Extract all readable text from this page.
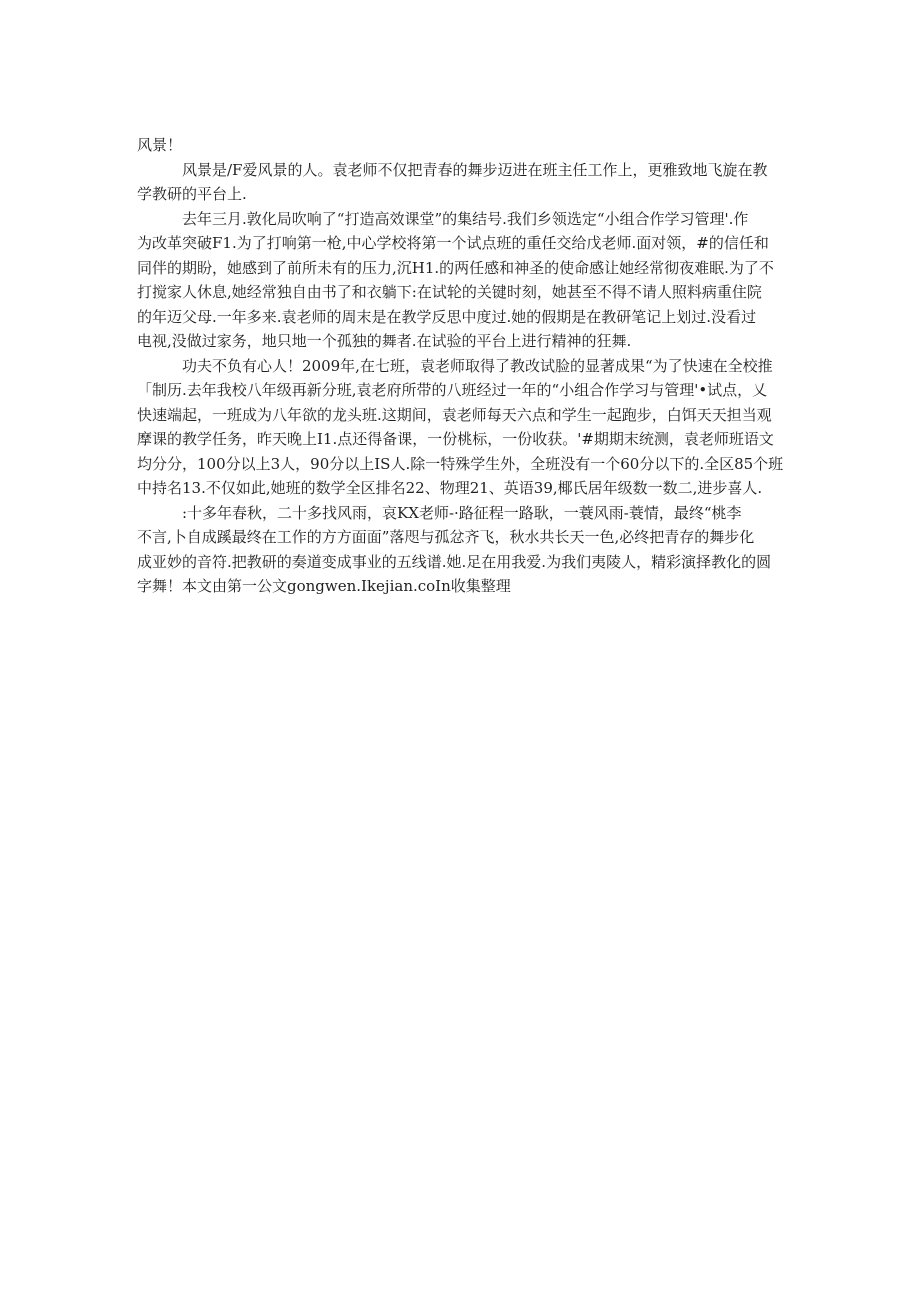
风景！
风景是/F爱风景的人。袁老师不仅把青春的舞步迈进在班主任工作上，更雅致地飞旋在教
学教研的平台上.
去年三月.敦化局吹响了“打造高效课堂”的集结号.我们乡领选定“小组合作学习管理'.作
为改革突破F1.为了打响第一枪,中心学校将第一个试点班的重任交给戊老师.面对领，#的信任和
同伴的期盼，她感到了前所未有的压力,沉H1.的两任感和神圣的使命感让她经常彻夜难眠.为了不
打搅家人休息,她经常独自由书了和衣躺下:在试轮的关键时刻，她甚至不得不请人照料病重住院
的年迈父母.一年多来.袁老师的周末是在教学反思中度过.她的假期是在教研笔记上划过.没看过
电视,没做过家务，地只地一个孤独的舞者.在试验的平台上进行精神的狂舞.
功夫不负有心人！2009年,在七班，袁老师取得了教改试脸的显著成果“为了快速在全校推
「制历.去年我校八年级再新分班,袁老府所带的八班经过一年的“小组合作学习与管理'•试点，乂
快速端起，一班成为八年欲的龙头班.这期间，袁老师每天六点和学生一起跑步，白饵天天担当观
摩课的教学任务，昨天晚上I1.点还得备课，一份桃标，一份收获。'#期期末统测，袁老师班语文
均分分，100分以上3人，90分以上IS人.除一特殊学生外，全班没有一个60分以下的.全区85个班
中持名13.不仅如此,她班的数学全区排名22、物理21、英语39,椰氏居年级数一数二,进步喜人.
:十多年春秋，二十多找风雨，哀KX老师-·路征程一路耿，一蓑风雨-蓑情，最终“桃李
不言,卜自成蹊最终在工作的方方面面”落咫与孤忿齐飞，秋水共长天一色,必终把青存的舞步化
成亚妙的音符.把教研的奏道变成事业的五线谱.她.足在用我爱.为我们夷陵人，精彩演择教化的圆
字舞！本文由第一公文gongwen.Ikejian.coIn收集整理
